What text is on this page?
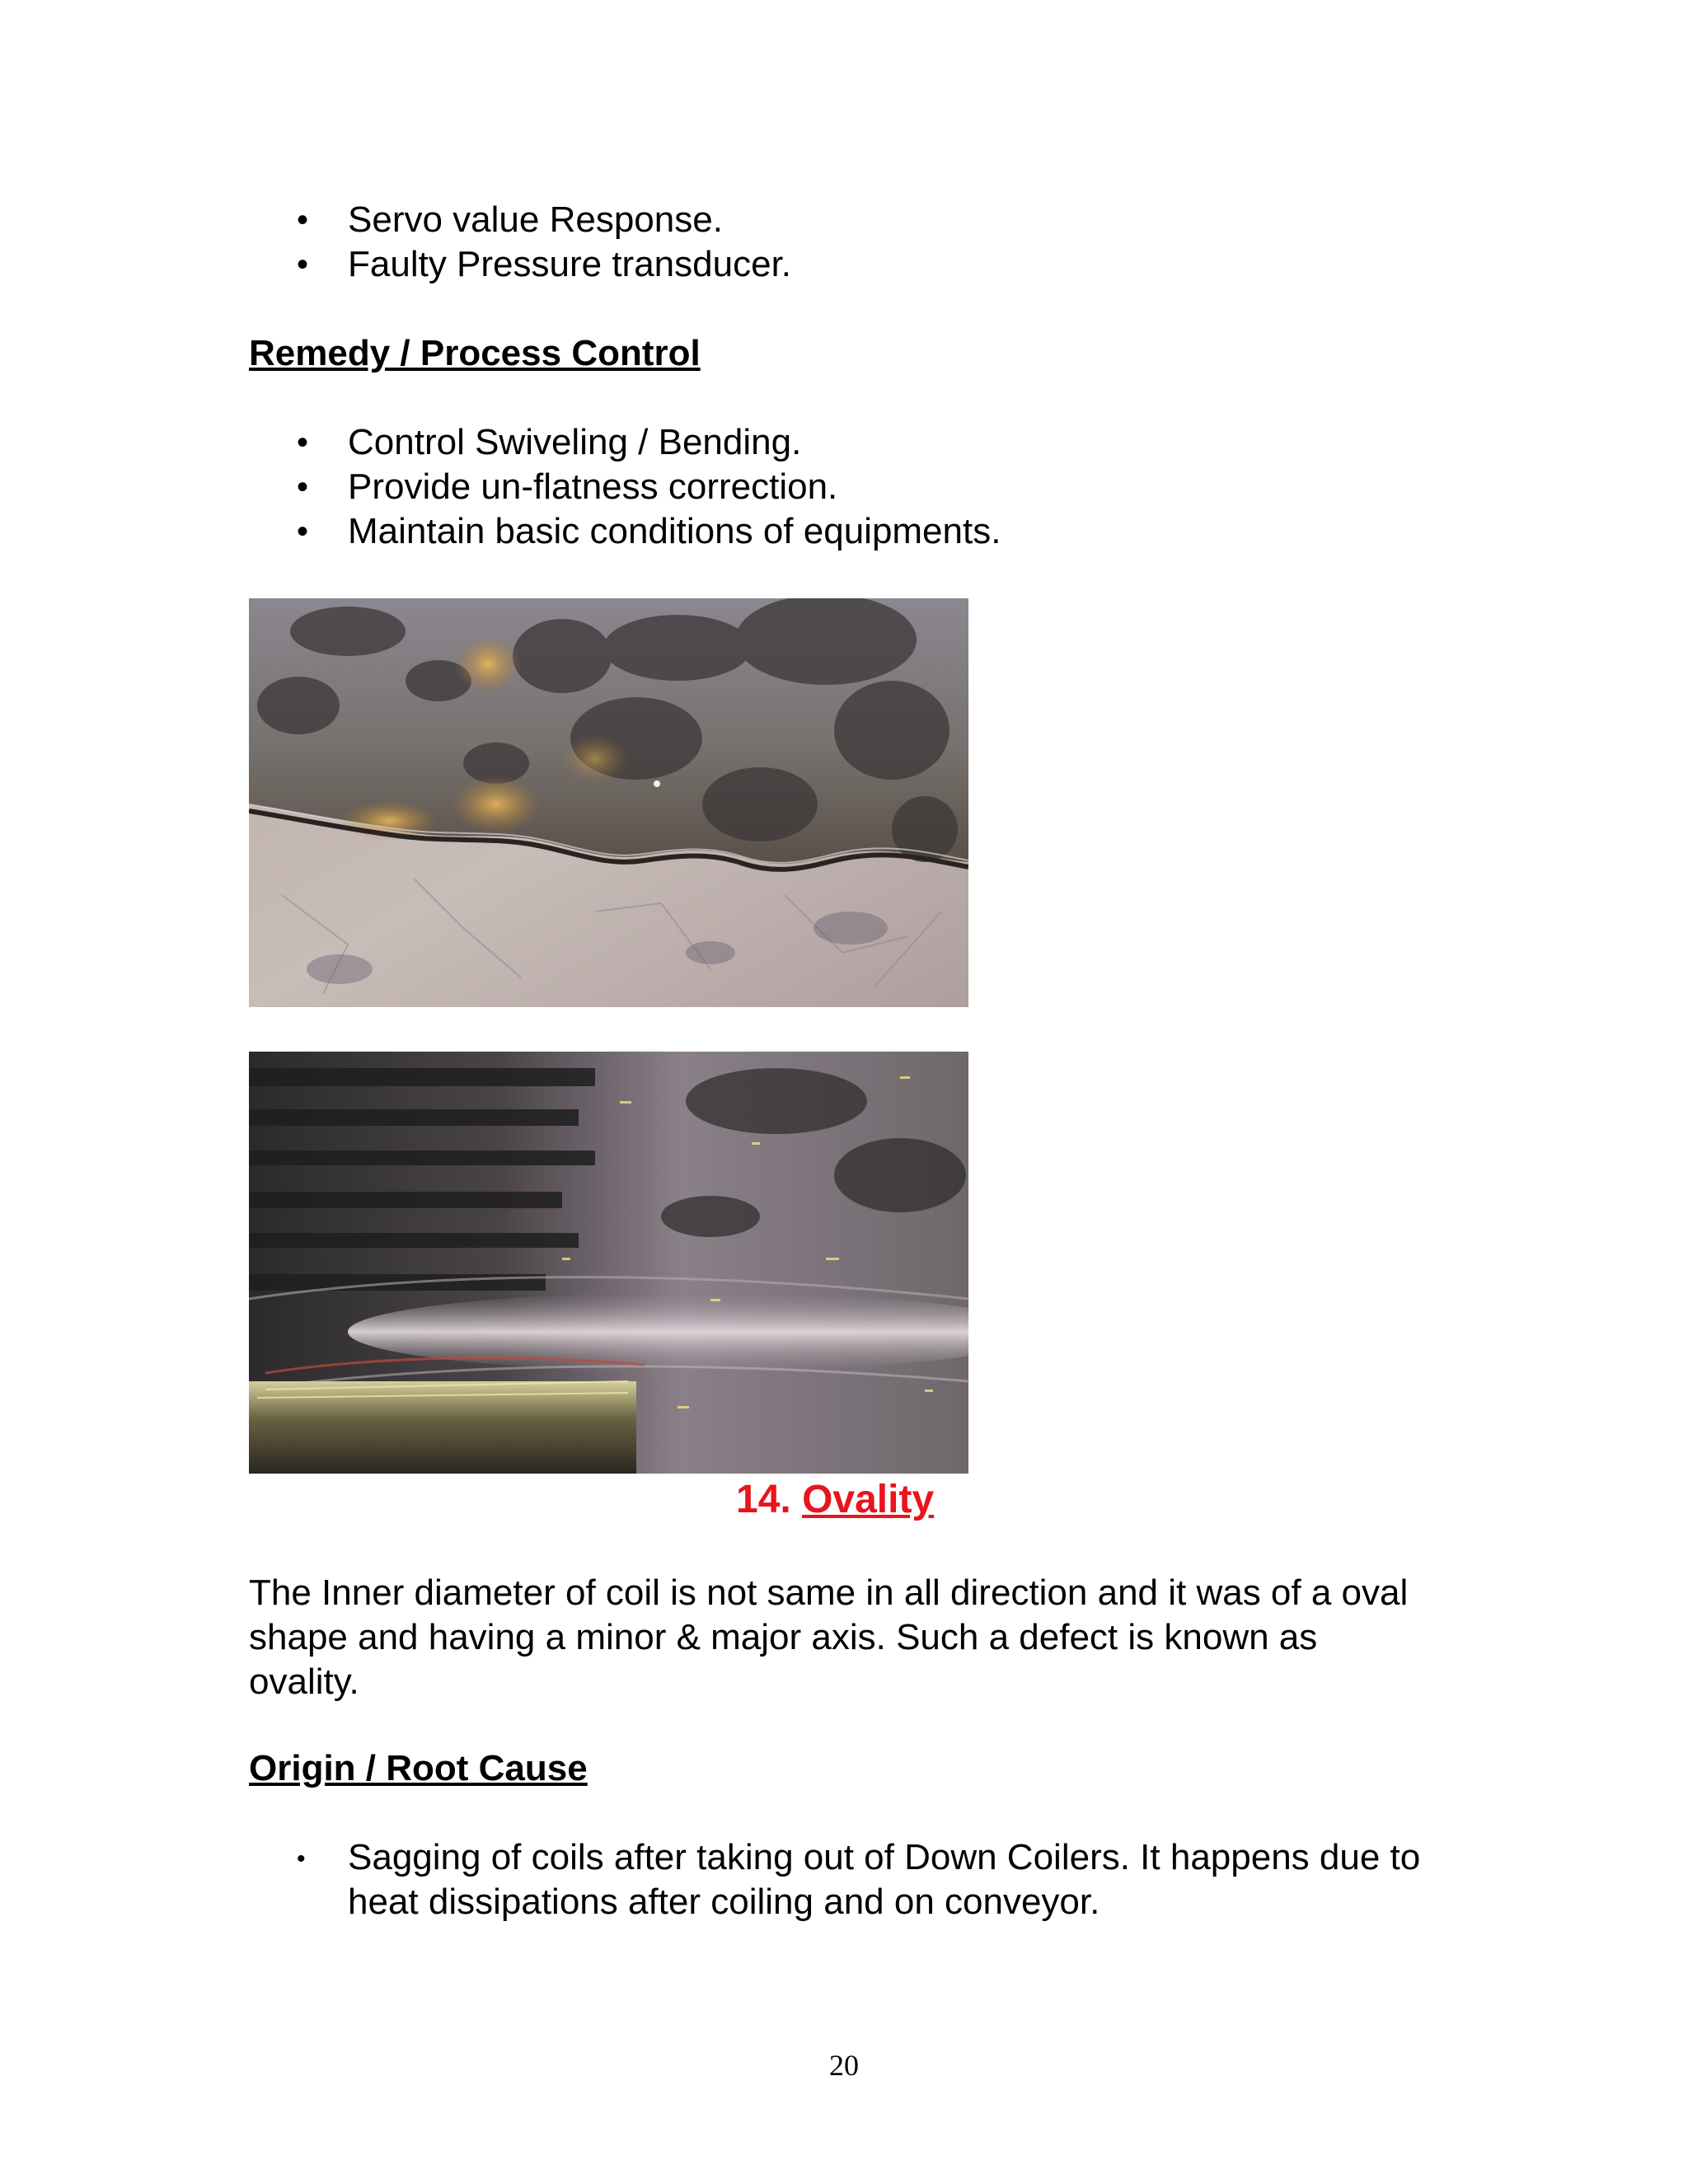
• Servo value Response.
• Faulty Pressure transducer.
Remedy / Process Control
• Control Swiveling / Bending.
• Provide un-flatness correction.
• Maintain basic conditions of equipments.
14. Ovality

The Inner diameter of coil is not same in all direction and it was of a oval shape and having a minor & major axis. Such a defect is known as ovality.

Origin / Root Cause
• Sagging of coils after taking out of Down Coilers. It happens due to heat dissipations after coiling and on conveyor.
20
